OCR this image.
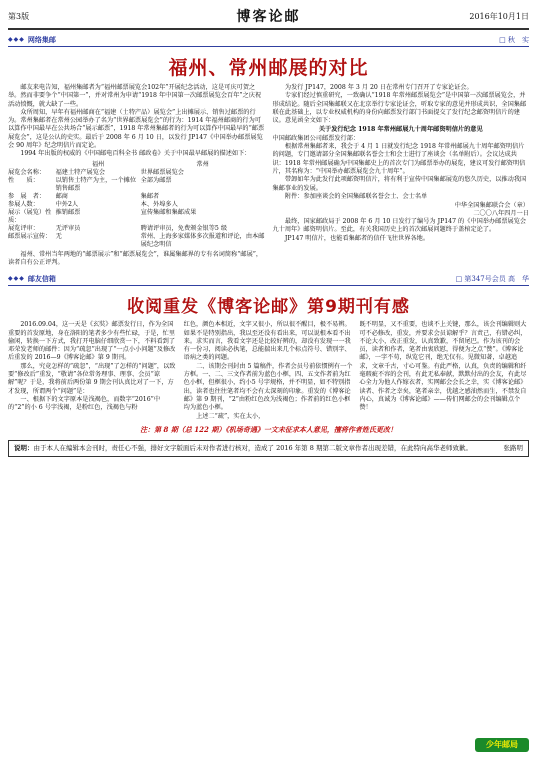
第3版	博客论邮	2016年10月1日
◆◆◆ 网络集邮	□ 秋　实
福州、常州邮展的对比

邮友来电告知，福州集邮者为“福州邮票展览会102年”开展纪念活动，这是可庆可贺之举。然而非要争个“中国第一”，并对常州为申请“1918 年中国第一次邮票展览会百年”之庆祝活动愤慨，就大缺了一些。

众所周知，早年有福州邮商在“福建（土特产品）展览会”上出摊展示、销售过邮票的行为。常州集邮者在常州公园举办了名为“世界邮票展览会”的行为：1914 年福州邮商的行为可以算作中国最早在公共场合“展示邮票”，1918 年常州集邮者的行为可以算作中国最早的“邮票展览会”，这是公认的史实。最后于 2008 年 6 月 10 日，以发行 JP147《中国举办邮票展览会 90 周年》纪念明信片而定论。

1994 年出版的权威的《中国邮电百科全书 邮政卷》关于中国最早邮展的描述如下：

	福州	常州
展览会名称：	福建土特产展览会	世界邮票展览会
性　　质：	以销售土特产为主，一个摊位销售邮票	全部为邮票
参　展　者：	邮商	集邮者
参展人数：	中外2人	本、外埠多人
展示（展览）性质：	推销邮票	宣传集邮和集邮成果
展览评审：	无评审员	聘请评审员，免费颁金银等5 级
邮票展示宣传：	无	常州、上海多家媒体多次报道和评论，由本邮展纪念明信

福州、常州当年两地的“邮票展示”和“邮票展览会”，谁属集邮界的专有名词简称“邮展”，读者自有公正评判。

为发行 JP147，2008 年 3 月 20 日在常州专门召开了专家论证会。

专家们经过慎重研究，一致确认“1918 年常州邮票展览会”是中国第一次邮票展览会，并形成结论。随后全国集邮联又在北京举行专家论证会，听取专家的意见并形成共识，全国集邮联在此基础上，以专业权威机构的身份向邮票发行部门书面提交了发行纪念邮资明信片的建议。意见函全文如下：

关于发行纪念 1918 年常州邮展九十周年邮资明信片的意见
中国邮政集团公司邮票发行部：
根据常州集邮者来，我会于 4 月 1 日就发行纪念 1918 年常州邮展九十周年邮资明信片的问题，专门邀请部分全国集邮联名誉会士和会士进行了座谈会（名单附后）。会议达成共识：1918 年常州邮展确为中国集邮史上的首次专门为邮票举办的展览，建议可发行邮资明信片，其名称为：“中国举办邮票展览会九十周年”。
带卸如年为此发行此项邮资明信片，将有利于宣传中国集邮展览的悠久历史，以推动我国集邮事业的发展。
附件：参加座谈会的全国集邮联名誉会士、会士名单
中华全国集邮联合会（章）
二〇〇八年四月一日

最终，国家邮政局于 2008 年 6 月 10 日发行了编号为 JP147 的《中国举办邮票展览会九十周年》邮资明信片。至此，有关我国历史上的首次邮展问题终于盖棺定论了。

JP147 明信片，也能看集邮者的信仟飞往世界各地。

◆◆◆ 邮友信箱	□ 第347号会员 高　华
收阅重发《博客论邮》第9期刊有感

2016.09.04，这一天是《玄奘》邮票发行日，作为全国重要的首发原地，身在洛阳的笔者多少有些忙碌，于是，忙里偷闲，转换一下方式，我打开电脑仔细欣赏一下，不料看到了邓荣发老师的邮件：因为“疏忽”出现了“一点小小问题”及修改后重发的 2016—9《博客论邮》第 9 期刊。

那么，究竟怎样的“疏忽”，“出现”了怎样的“问题”，以致要“修改后”重发，“敬请”各位常务理事、理事、会员“谅解”呢？于是，我将前后两份第 9 期会刊认真比对了一下，方才发现，所谓两个“问题”是：

一、根据下的文字原本是浅褐色，而数字“2016”中的“2”的小 6 号字浅褐，是粉红色，浅褐色与粉

红色，颜色本相近，文字又很小，所以很不醒目，极不易辨。如果不是特别指出，我以至还没有看出来，可以说根本看不出来。求实而言，我看文字还是比较好辨的，却没有发现一一我有一份习，阅读必执笔，总能揣出来几个标点符号、错别字、语病之类的问题。

二、该期会刊封由 5 篇稿件，作者会员号前依惯例有一个方框。一、二、三文作者前为蓝色小框，四、五文作者前为红色小框，但框很小，约小5 号字规格，并不明显，如不特别指出，读者也往往笔者均不会有太深刻的印象。重发的《博客论邮》第 9 期刊，“2”由粉红色改为浅褐色；作者前的红色小框均为蓝色小框。

上述二“疏”，实在太小，

既不明显，又不重要，也谈不上关键，那么，该会刊编辑则大可不必修改，重发，并要求会员谅解乎？言责己，有错必纠，不论大小，改正重发，认真致歉，不留尾巴。作为该刊的会员，读者和作者，笔者由衷欣慰，得便为之点“赞”。《博客论邮》，一字不苟，纵览它刊，绝无仅有。见微知著，卓越追求，文章千古，寸心可鉴。有此严格，认真，负责的编辑和纤毫瑕疵不容的会刊，有此无私奉献，默默付出的会友，有此尽心全力为他人作嫁衣者，实网邮会会长之幸，实《博客论邮》读者、作者之幸矣，笔者亲幸，优越之感油然而生，不禁发自内心，真诚为《博客论邮》——传们网邮会的会刊编辑点个赞！

注：第 8 期（总 122 期）《机场奇遇》一文未征求本人意见，擅将作者姓氏更改！
说明：由于本人在编辑本会刊时，责任心不强，排好文字版面后未对作者进行核对，造成了 2016 年第 8 期第二版文章作者出现差错，在此特向高华老师致歉。	张路明
少年邮局
